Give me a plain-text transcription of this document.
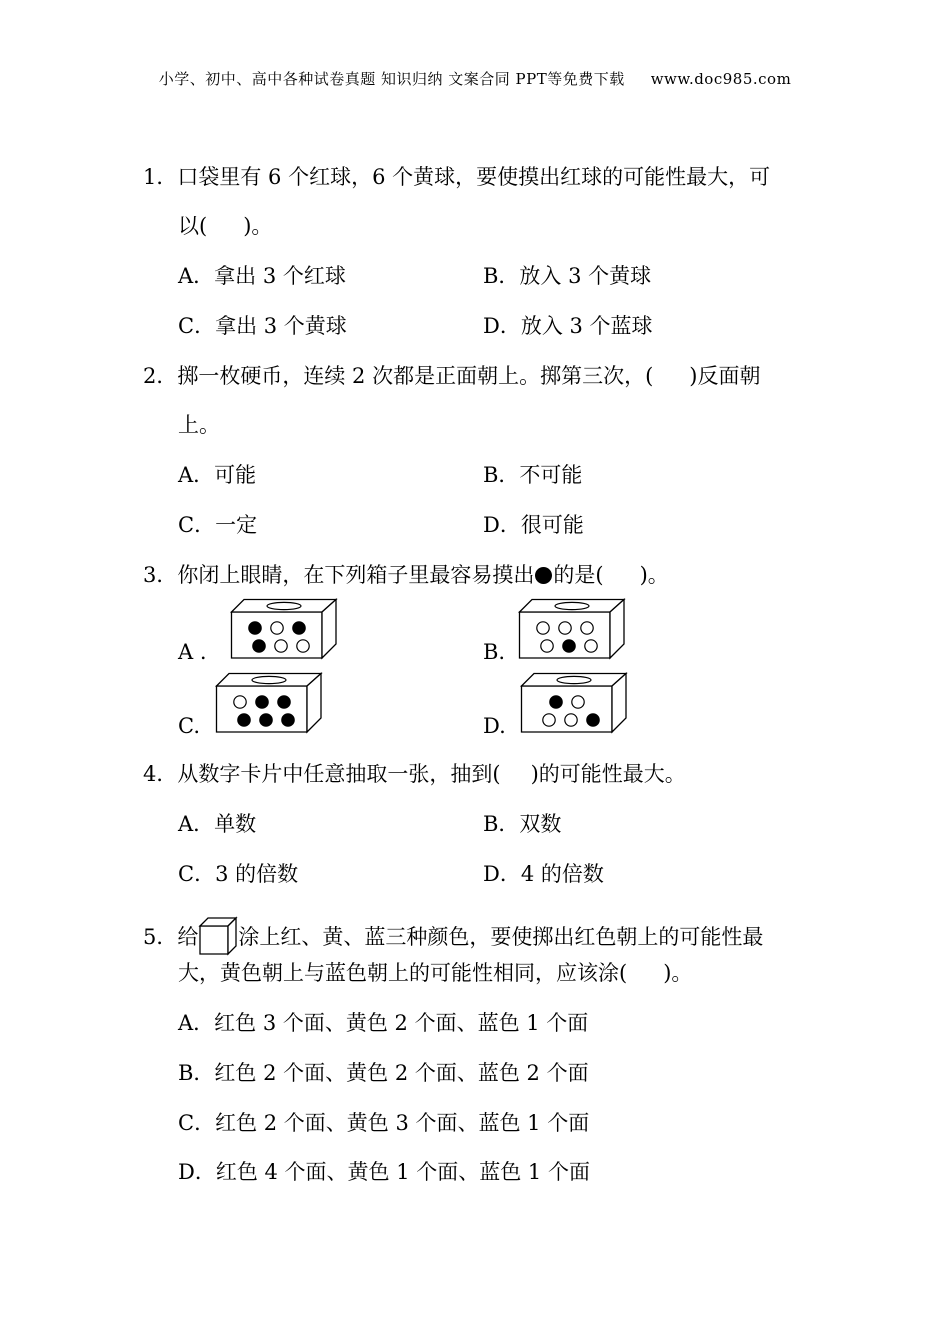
小学、初中、高中各种试卷真题 知识归纳 文案合同 PPT等免费下载 www.doc985.com
1．口袋里有 6 个红球，6 个黄球，要使摸出红球的可能性最大，可
以( )。
A．拿出 3 个红球	B．放入 3 个黄球
C．拿出 3 个黄球	D．放入 3 个蓝球
2．掷一枚硬币，连续 2 次都是正面朝上。掷第三次，( )反面朝
上。
A．可能	B．不可能
C．一定	D．很可能
3．你闭上眼睛，在下列箱子里最容易摸出 的是( )。
A .	B.
C.	D.
4．从数字卡片中任意抽取一张，抽到( )的可能性最大。
A．单数	B．双数
C．3 的倍数	D．4 的倍数
5．给 涂上红、黄、蓝三种颜色，要使掷出红色朝上的可能性最
大，黄色朝上与蓝色朝上的可能性相同，应该涂( )。
A．红色 3 个面、黄色 2 个面、蓝色 1 个面
B．红色 2 个面、黄色 2 个面、蓝色 2 个面
C．红色 2 个面、黄色 3 个面、蓝色 1 个面
D．红色 4 个面、黄色 1 个面、蓝色 1 个面
